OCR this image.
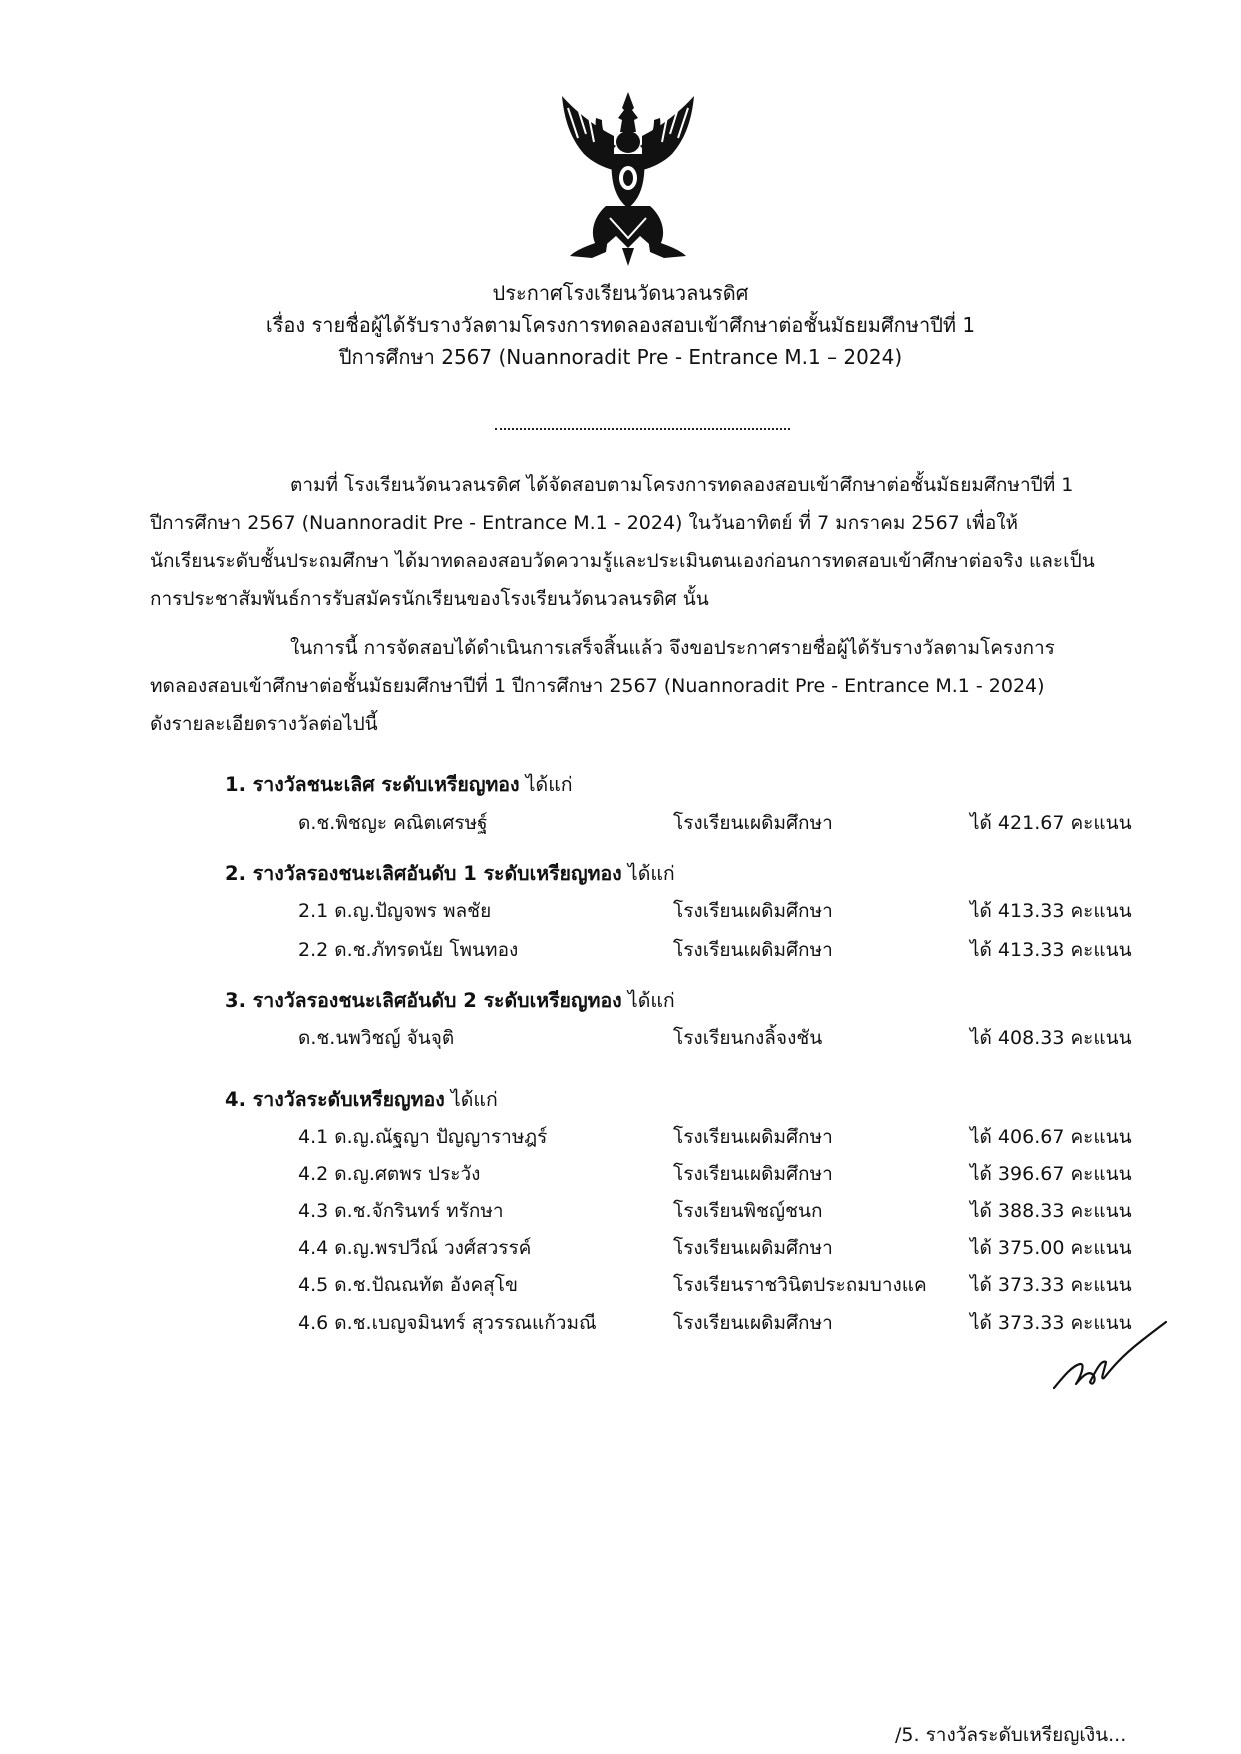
ประกาศโรงเรียนวัดนวลนรดิศ
เรื่อง รายชื่อผู้ได้รับรางวัลตามโครงการทดลองสอบเข้าศึกษาต่อชั้นมัธยมศึกษาปีที่ 1
ปีการศึกษา 2567 (Nuannoradit Pre - Entrance M.1 – 2024)
ตามที่ โรงเรียนวัดนวลนรดิศ ได้จัดสอบตามโครงการทดลองสอบเข้าศึกษาต่อชั้นมัธยมศึกษาปีที่ 1
ปีการศึกษา 2567 (Nuannoradit Pre - Entrance M.1 - 2024) ในวันอาทิตย์ ที่ 7 มกราคม 2567 เพื่อให้
นักเรียนระดับชั้นประถมศึกษา ได้มาทดลองสอบวัดความรู้และประเมินตนเองก่อนการทดสอบเข้าศึกษาต่อจริง และเป็น
การประชาสัมพันธ์การรับสมัครนักเรียนของโรงเรียนวัดนวลนรดิศ นั้น
ในการนี้ การจัดสอบได้ดำเนินการเสร็จสิ้นแล้ว จึงขอประกาศรายชื่อผู้ได้รับรางวัลตามโครงการ
ทดลองสอบเข้าศึกษาต่อชั้นมัธยมศึกษาปีที่ 1 ปีการศึกษา 2567 (Nuannoradit Pre - Entrance M.1 - 2024)
ดังรายละเอียดรางวัลต่อไปนี้
1. รางวัลชนะเลิศ ระดับเหรียญทอง ได้แก่
ด.ช.พิชญะ คณิตเศรษฐ์	โรงเรียนเผดิมศึกษา	ได้ 421.67 คะแนน
2. รางวัลรองชนะเลิศอันดับ 1 ระดับเหรียญทอง ได้แก่
2.1 ด.ญ.ปัญจพร พลชัย	โรงเรียนเผดิมศึกษา	ได้ 413.33 คะแนน
2.2 ด.ช.ภัทรดนัย โพนทอง	โรงเรียนเผดิมศึกษา	ได้ 413.33 คะแนน
3. รางวัลรองชนะเลิศอันดับ 2 ระดับเหรียญทอง ได้แก่
ด.ช.นพวิชญ์ จันจุติ	โรงเรียนกงลิ้จงชัน	ได้ 408.33 คะแนน
4. รางวัลระดับเหรียญทอง ได้แก่
4.1 ด.ญ.ณัฐญา ปัญญาราษฎร์	โรงเรียนเผดิมศึกษา	ได้ 406.67 คะแนน
4.2 ด.ญ.ศตพร ประวัง	โรงเรียนเผดิมศึกษา	ได้ 396.67 คะแนน
4.3 ด.ช.จักรินทร์ ทรักษา	โรงเรียนพิชญ์ชนก	ได้ 388.33 คะแนน
4.4 ด.ญ.พรปวีณ์ วงศ์สวรรค์	โรงเรียนเผดิมศึกษา	ได้ 375.00 คะแนน
4.5 ด.ช.ปัณณทัต อังคสุโข	โรงเรียนราชวินิตประถมบางแค ได้ 373.33 คะแนน
4.6 ด.ช.เบญจมินทร์ สุวรรณแก้วมณี	โรงเรียนเผดิมศึกษา	ได้ 373.33 คะแนน
/5. รางวัลระดับเหรียญเงิน...
